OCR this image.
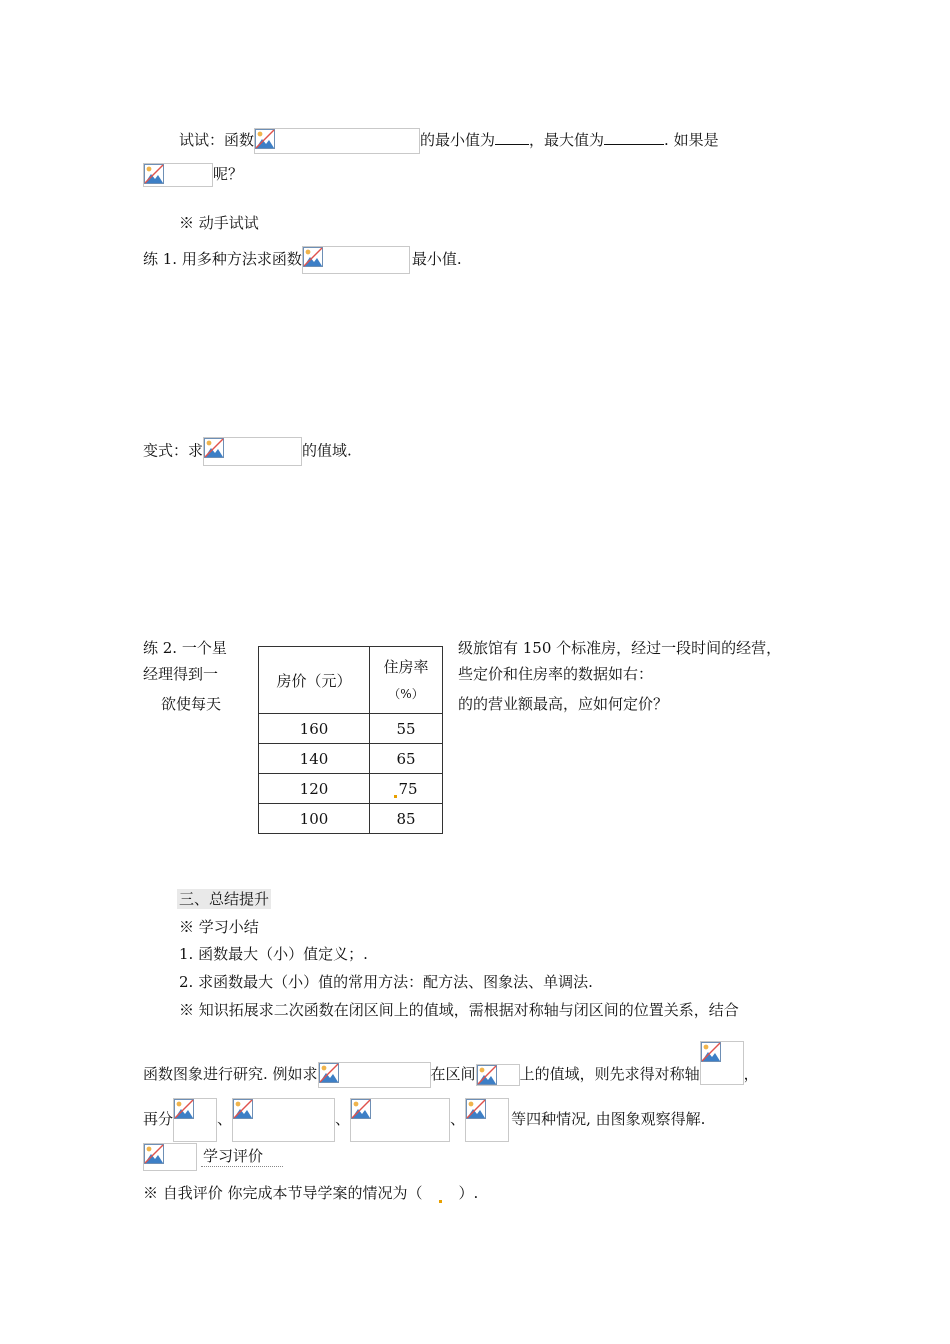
试试：函数	的最小值为 ，最大值为	. 如果是
呢？
※ 动手试试
练 1. 用多种方法求函数	最小值.
变式：求	的值域.
练 2. 一个星
经理得到一
欲使每天
级旅馆有 150 个标准房，经过一段时间的经营，
些定价和住房率的数据如右：
的的营业额最高，应如何定价？
房价（元）	住房率
（%）
160	55
140	65
120	75
100	85
三、总结提升
※ 学习小结
1. 函数最大（小）值定义；.
2. 求函数最大（小）值的常用方法：配方法、图象法、单调法.
※ 知识拓展求二次函数在闭区间上的值域，需根据对称轴与闭区间的位置关系，结合
函数图象进行研究. 例如求	在区间	上的值域，则先求得对称轴	，
再分	、	、	、	等四种情况, 由图象观察得解.
学习评价
※ 自我评价 你完成本节导学案的情况为（ ）.
